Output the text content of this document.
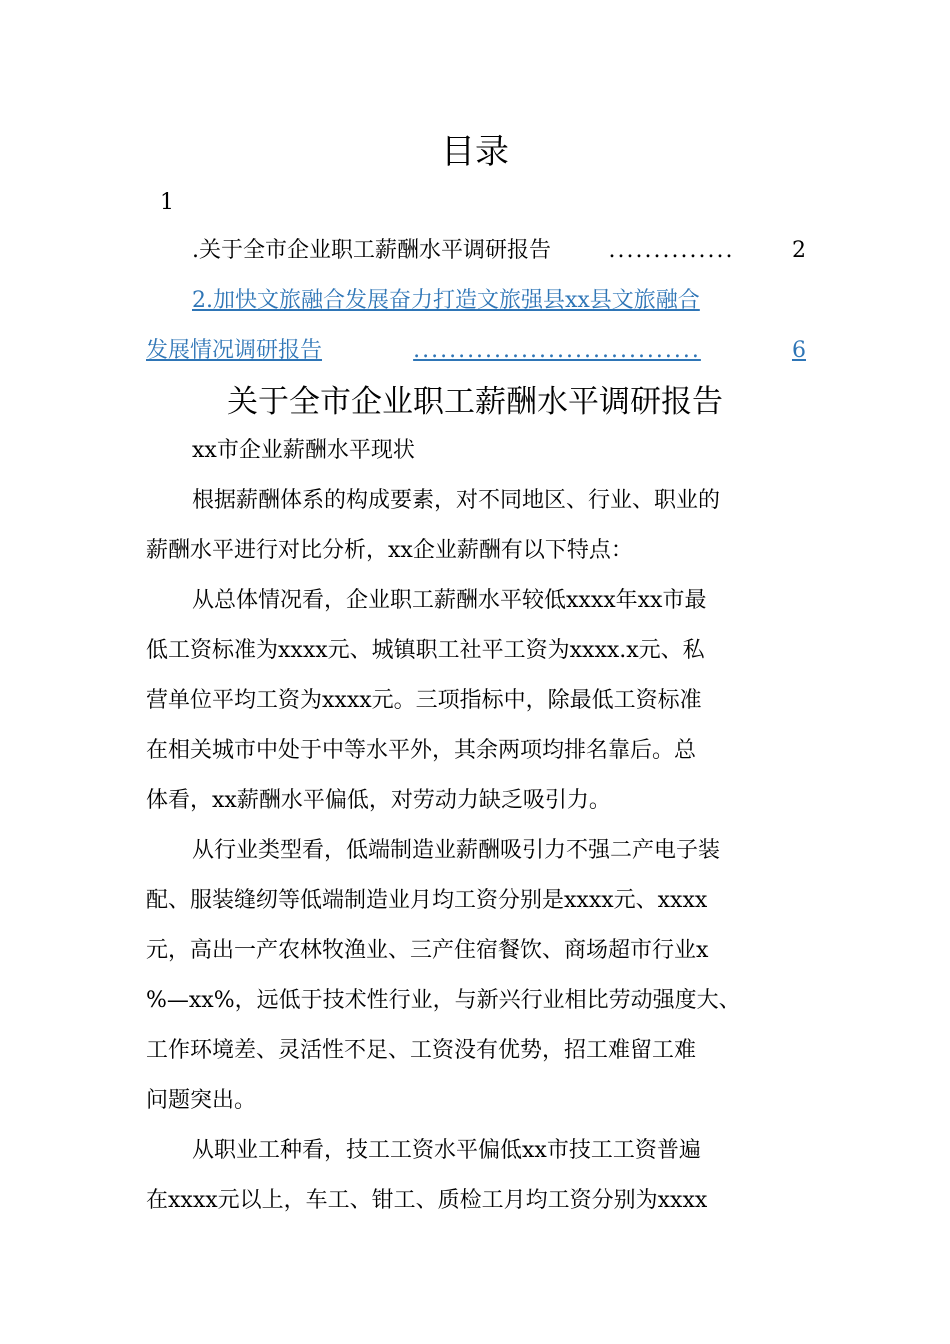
目录
1
.关于全市企业职工薪酬水平调研报告	..............	2
2.加快文旅融合发展奋力打造文旅强县xx县文旅融合
发展情况调研报告	................................	6
关于全市企业职工薪酬水平调研报告
xx市企业薪酬水平现状
根据薪酬体系的构成要素，对不同地区、行业、职业的
薪酬水平进行对比分析，xx企业薪酬有以下特点：
从总体情况看，企业职工薪酬水平较低xxxx年xx市最
低工资标准为xxxx元、城镇职工社平工资为xxxx.x元、私
营单位平均工资为xxxx元。三项指标中，除最低工资标准
在相关城市中处于中等水平外，其余两项均排名靠后。总
体看，xx薪酬水平偏低，对劳动力缺乏吸引力。
从行业类型看，低端制造业薪酬吸引力不强二产电子装
配、服装缝纫等低端制造业月均工资分别是xxxx元、xxxx
元，高出一产农林牧渔业、三产住宿餐饮、商场超市行业x
%—xx%，远低于技术性行业，与新兴行业相比劳动强度大、
工作环境差、灵活性不足、工资没有优势，招工难留工难
问题突出。
从职业工种看，技工工资水平偏低xx市技工工资普遍
在xxxx元以上，车工、钳工、质检工月均工资分别为xxxx
